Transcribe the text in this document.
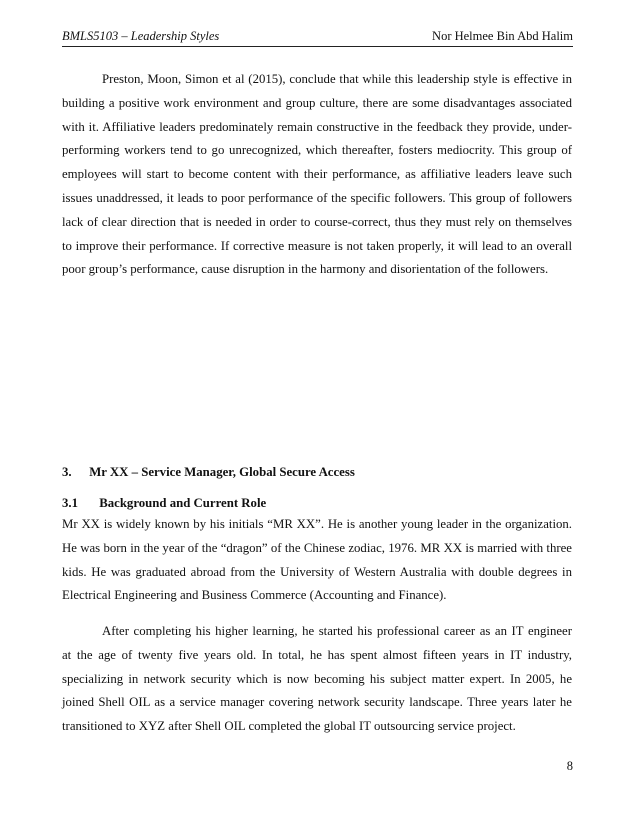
BMLS5103 – Leadership Styles	Nor Helmee Bin Abd Halim
Preston, Moon, Simon et al (2015), conclude that while this leadership style is effective in
building a positive work environment and group culture, there are some disadvantages associated
with it. Affiliative leaders predominately remain constructive in the feedback they provide, under-
performing workers tend to go unrecognized, which thereafter, fosters mediocrity. This group of
employees will start to become content with their performance, as affiliative leaders leave such
issues unaddressed, it leads to poor performance of the specific followers. This group of followers
lack of clear direction that is needed in order to course-correct, thus they must rely on themselves
to improve their performance. If corrective measure is not taken properly, it will lead to an overall
poor group’s performance, cause disruption in the harmony and disorientation of the followers.
3. Mr XX – Service Manager, Global Secure Access
3.1 Background and Current Role
Mr XX is widely known by his initials “MR XX”. He is another young leader in the organization.
He was born in the year of the “dragon” of the Chinese zodiac, 1976. MR XX is married with three
kids. He was graduated abroad from the University of Western Australia with double degrees in
Electrical Engineering and Business Commerce (Accounting and Finance).
After completing his higher learning, he started his professional career as an IT engineer
at the age of twenty five years old. In total, he has spent almost fifteen years in IT industry,
specializing in network security which is now becoming his subject matter expert. In 2005, he
joined Shell OIL as a service manager covering network security landscape. Three years later he
transitioned to XYZ after Shell OIL completed the global IT outsourcing service project.
8
